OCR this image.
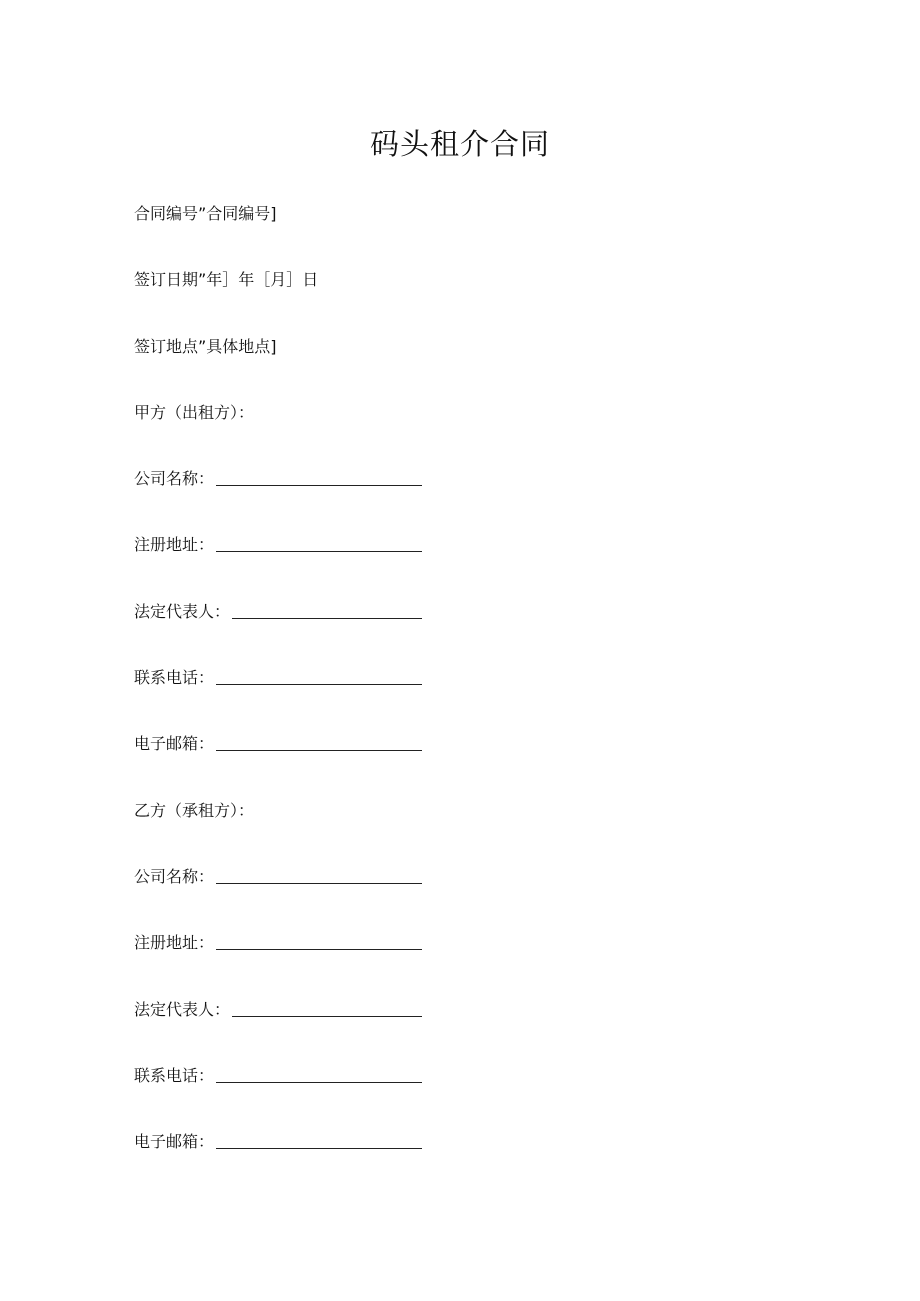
码头租介合同
合同编号”合同编号]
签订日期”年］年［月］日
签订地点”具体地点]
甲方（出租方）：
公司名称：
注册地址：
法定代表人：
联系电话：
电子邮箱：
乙方（承租方）：
公司名称：
注册地址：
法定代表人：
联系电话：
电子邮箱：
